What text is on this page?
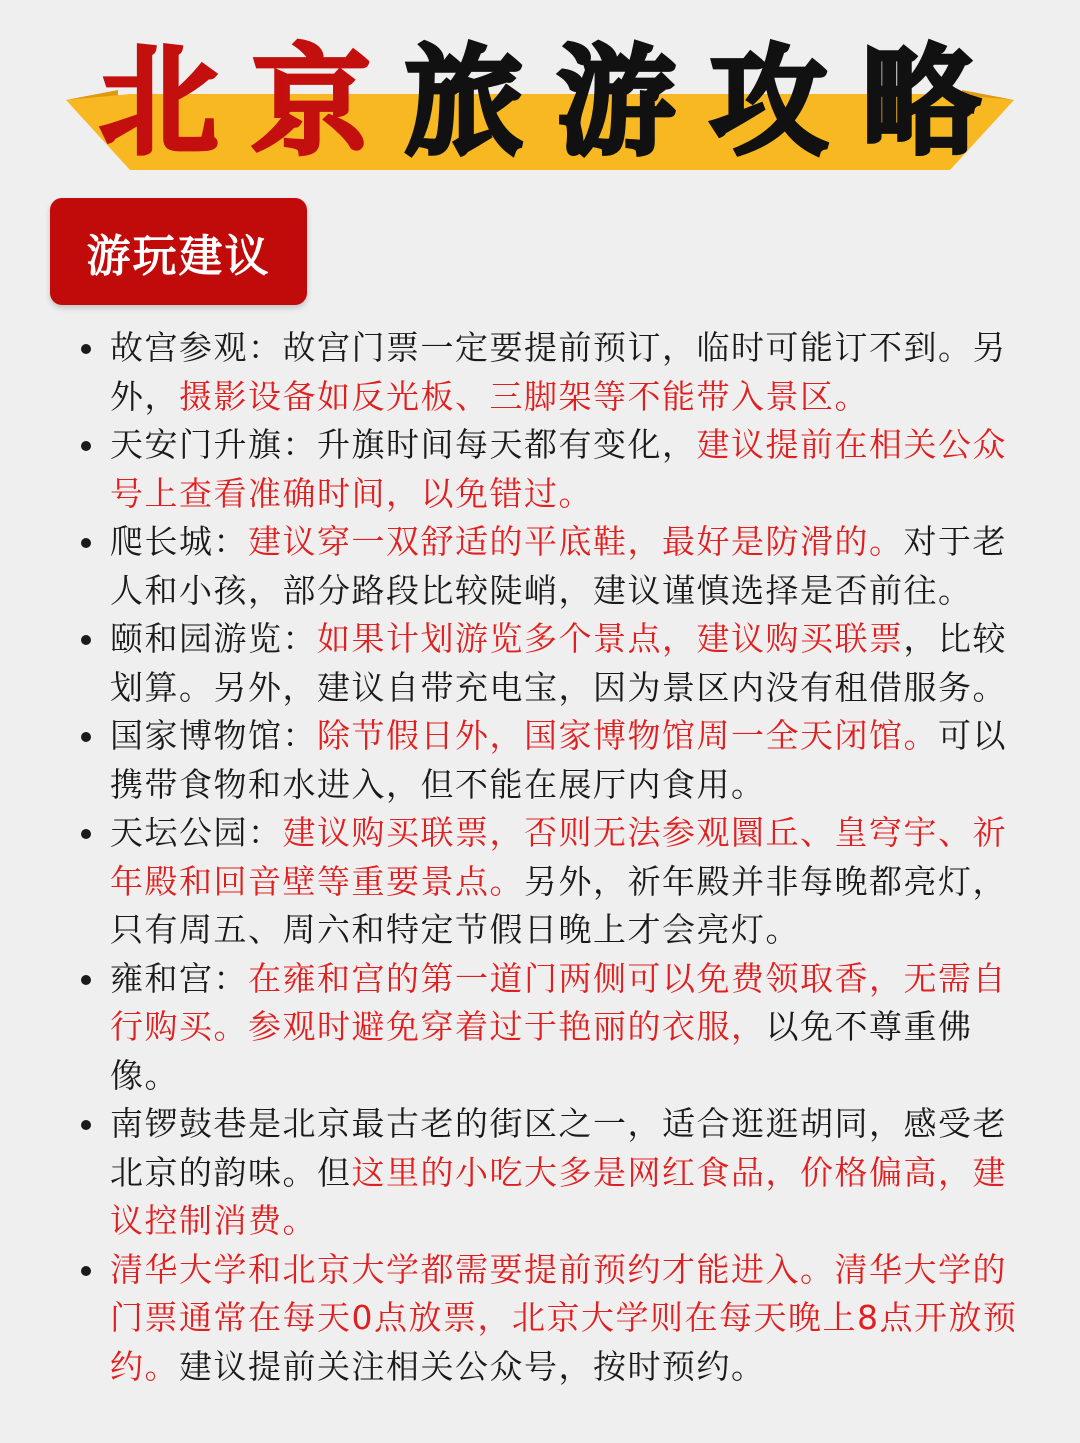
北 京 旅 游 攻 略
游玩建议
故宫参观：故宫门票一定要提前预订，临时可能订不到。另外，摄影设备如反光板、三脚架等不能带入景区。
天安门升旗：升旗时间每天都有变化，建议提前在相关公众号上查看准确时间，以免错过。
爬长城：建议穿一双舒适的平底鞋，最好是防滑的。对于老人和小孩，部分路段比较陡峭，建议谨慎选择是否前往。
颐和园游览：如果计划游览多个景点，建议购买联票，比较划算。另外，建议自带充电宝，因为景区内没有租借服务。
国家博物馆：除节假日外，国家博物馆周一全天闭馆。可以携带食物和水进入，但不能在展厅内食用。
天坛公园：建议购买联票，否则无法参观圜丘、皇穹宇、祈年殿和回音壁等重要景点。另外，祈年殿并非每晚都亮灯，只有周五、周六和特定节假日晚上才会亮灯。
雍和宫：在雍和宫的第一道门两侧可以免费领取香，无需自行购买。参观时避免穿着过于艳丽的衣服，以免不尊重佛像。
南锣鼓巷是北京最古老的街区之一，适合逛逛胡同，感受老北京的韵味。但这里的小吃大多是网红食品，价格偏高，建议控制消费。
清华大学和北京大学都需要提前预约才能进入。清华大学的门票通常在每天0点放票，北京大学则在每天晚上8点开放预约。建议提前关注相关公众号，按时预约。
